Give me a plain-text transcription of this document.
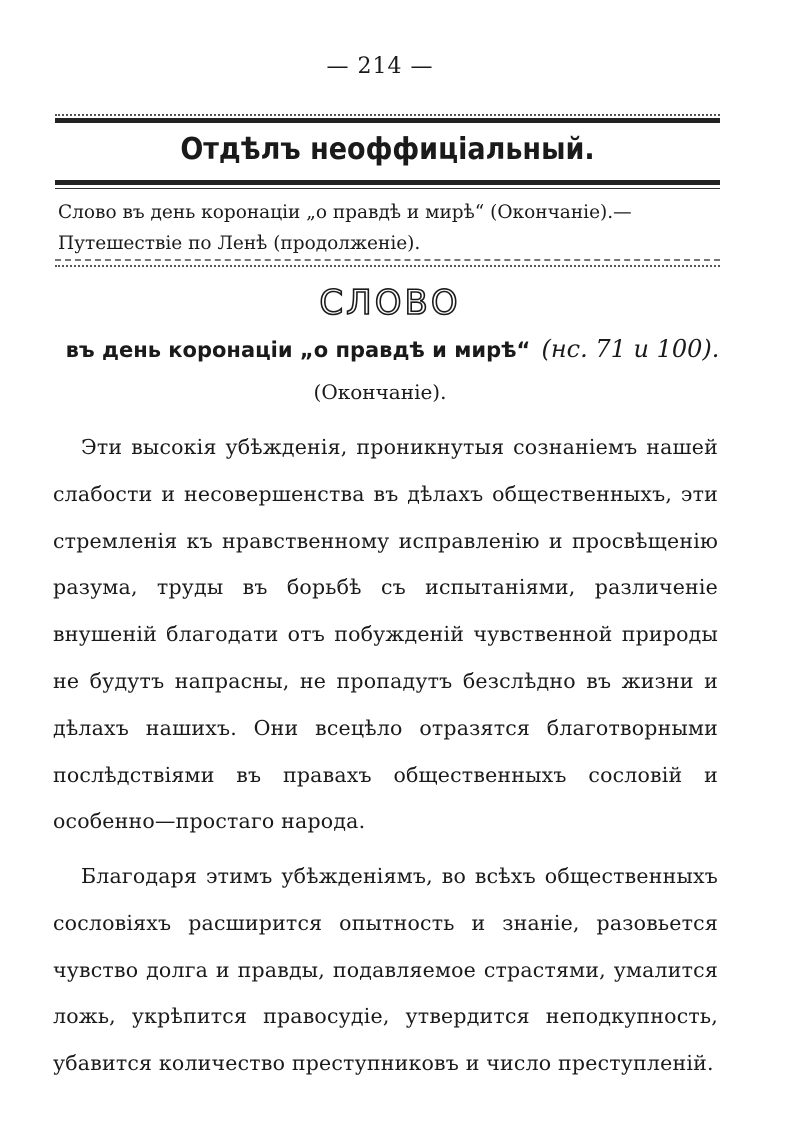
— 214 —
Отдѣлъ неоффиціальный.
Слово въ день коронаціи „о правдѣ и мирѣ“ (Окончаніе).—
Путешествіе по Ленѣ (продолженіе).
СЛОВО
въ день коронаціи „о правдѣ и мирѣ“ (нс. 71 и 100).
(Окончаніе).
Эти высокія убѣжденія, проникнутыя сознаніемъ нашей слабости и несовершенства въ дѣлахъ общественныхъ, эти стремленія къ нравственному исправленію и просвѣщенію разума, труды въ борьбѣ съ испытаніями, различеніе внушеній благодати отъ побужденій чувственной природы не будутъ напрасны, не пропадутъ безслѣдно въ жизни и дѣлахъ нашихъ. Они всецѣло отразятся благотворными послѣдствіями въ правахъ общественныхъ сословій и особенно—простаго народа.
Благодаря этимъ убѣжденіямъ, во всѣхъ общественныхъ сословіяхъ расширится опытность и знаніе, разовьется чувство долга и правды, подавляемое страстями, умалится ложь, укрѣпится правосудіе, утвердится неподкупность, убавится количество преступниковъ и число преступленій.
